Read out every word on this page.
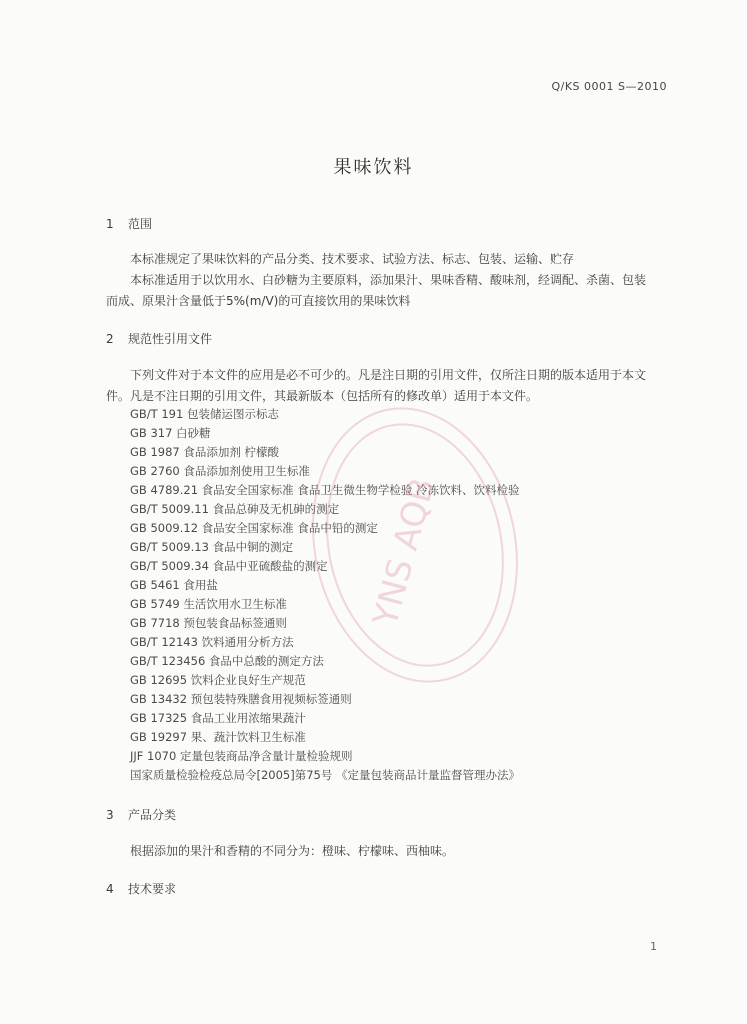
Q/KS 0001 S—2010
果味饮料
1 范围
本标准规定了果味饮料的产品分类、技术要求、试验方法、标志、包装、运输、贮存
本标准适用于以饮用水、白砂糖为主要原料，添加果汁、果味香精、酸味剂，经调配、杀菌、包装
而成、原果汁含量低于5%(m/V)的可直接饮用的果味饮料
2 规范性引用文件
下列文件对于本文件的应用是必不可少的。凡是注日期的引用文件，仅所注日期的版本适用于本文
件。凡是不注日期的引用文件，其最新版本（包括所有的修改单）适用于本文件。
GB/T 191 包装储运图示标志
GB 317 白砂糖
GB 1987 食品添加剂 柠檬酸
GB 2760 食品添加剂使用卫生标准
GB 4789.21 食品安全国家标准 食品卫生微生物学检验 冷冻饮料、饮料检验
GB/T 5009.11 食品总砷及无机砷的测定
GB 5009.12 食品安全国家标准 食品中铅的测定
GB/T 5009.13 食品中铜的测定
GB/T 5009.34 食品中亚硫酸盐的测定
GB 5461 食用盐
GB 5749 生活饮用水卫生标准
GB 7718 预包装食品标签通则
GB/T 12143 饮料通用分析方法
GB/T 123456 食品中总酸的测定方法
GB 12695 饮料企业良好生产规范
GB 13432 预包装特殊膳食用视频标签通则
GB 17325 食品工业用浓缩果蔬汁
GB 19297 果、蔬汁饮料卫生标准
JJF 1070 定量包装商品净含量计量检验规则
国家质量检验检疫总局令[2005]第75号 《定量包装商品计量监督管理办法》
YNS AQB
3 产品分类
根据添加的果汁和香精的不同分为：橙味、柠檬味、西柚味。
4 技术要求
1
